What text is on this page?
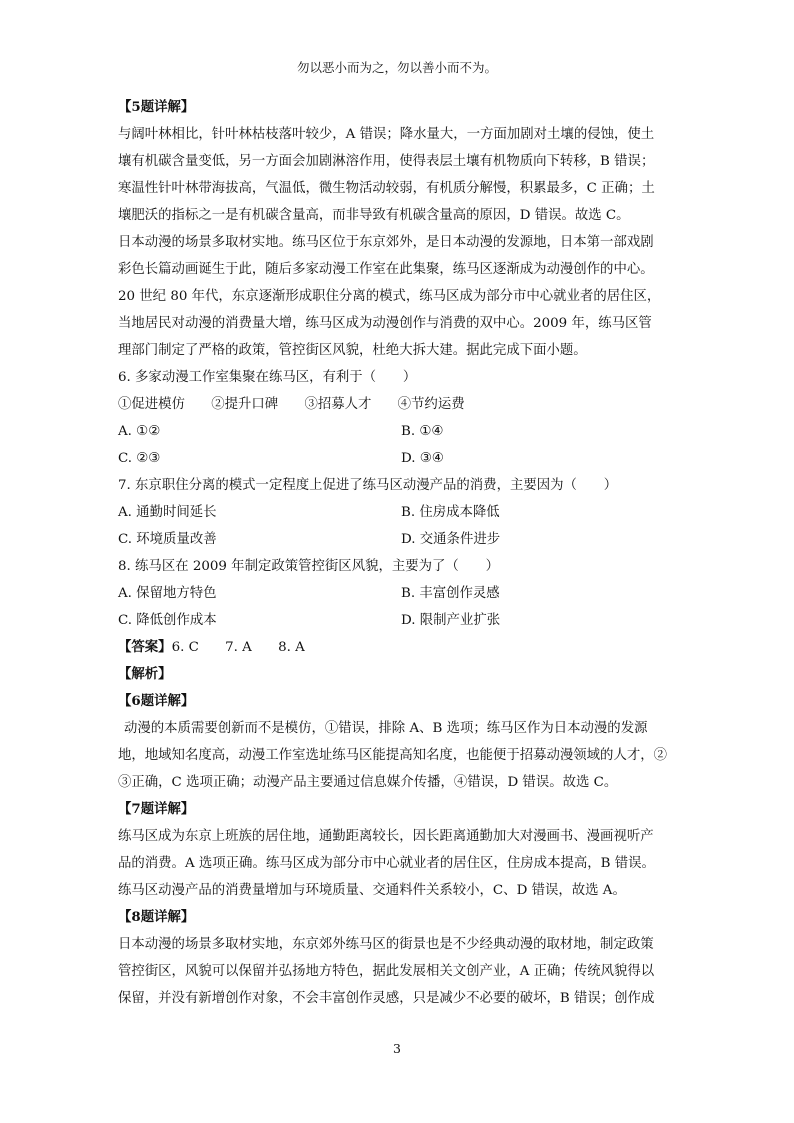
勿以恶小而为之，勿以善小而不为。
【5题详解】
与阔叶林相比，针叶林枯枝落叶较少，A 错误；降水量大，一方面加剧对土壤的侵蚀，使土
壤有机碳含量变低，另一方面会加剧淋溶作用，使得表层土壤有机物质向下转移，B 错误；
寒温性针叶林带海拔高，气温低，微生物活动较弱，有机质分解慢，积累最多，C 正确；土
壤肥沃的指标之一是有机碳含量高，而非导致有机碳含量高的原因，D 错误。故选 C。
日本动漫的场景多取材实地。练马区位于东京郊外，是日本动漫的发源地，日本第一部戏剧
彩色长篇动画诞生于此，随后多家动漫工作室在此集聚，练马区逐渐成为动漫创作的中心。
20 世纪 80 年代，东京逐渐形成职住分离的模式，练马区成为部分市中心就业者的居住区，
当地居民对动漫的消费量大增，练马区成为动漫创作与消费的双中心。2009 年，练马区管
理部门制定了严格的政策，管控街区风貌，杜绝大拆大建。据此完成下面小题。
6. 多家动漫工作室集聚在练马区，有利于（　　）
①促进模仿 ②提升口碑 ③招募人才 ④节约运费
A. ①②	B. ①④
C. ②③	D. ③④
7. 东京职住分离的模式一定程度上促进了练马区动漫产品的消费，主要因为（　　）
A. 通勤时间延长	B. 住房成本降低
C. 环境质量改善	D. 交通条件进步
8. 练马区在 2009 年制定政策管控街区风貌，主要为了（　　）
A. 保留地方特色	B. 丰富创作灵感
C. 降低创作成本	D. 限制产业扩张
【答案】6. C 7. A 8. A
【解析】
【6题详解】
动漫的本质需要创新而不是模仿，①错误，排除 A、B 选项；练马区作为日本动漫的发源
地，地域知名度高，动漫工作室选址练马区能提高知名度，也能便于招募动漫领域的人才，②
③正确，C 选项正确；动漫产品主要通过信息媒介传播，④错误，D 错误。故选 C。
【7题详解】
练马区成为东京上班族的居住地，通勤距离较长，因长距离通勤加大对漫画书、漫画视听产
品的消费。A 选项正确。练马区成为部分市中心就业者的居住区，住房成本提高，B 错误。
练马区动漫产品的消费量增加与环境质量、交通料件关系较小，C、D 错误，故选 A。
【8题详解】
日本动漫的场景多取材实地，东京郊外练马区的街景也是不少经典动漫的取材地，制定政策
管控街区，风貌可以保留并弘扬地方特色，据此发展相关文创产业，A 正确；传统风貌得以
保留，并没有新增创作对象，不会丰富创作灵感，只是减少不必要的破坏，B 错误；创作成
3
